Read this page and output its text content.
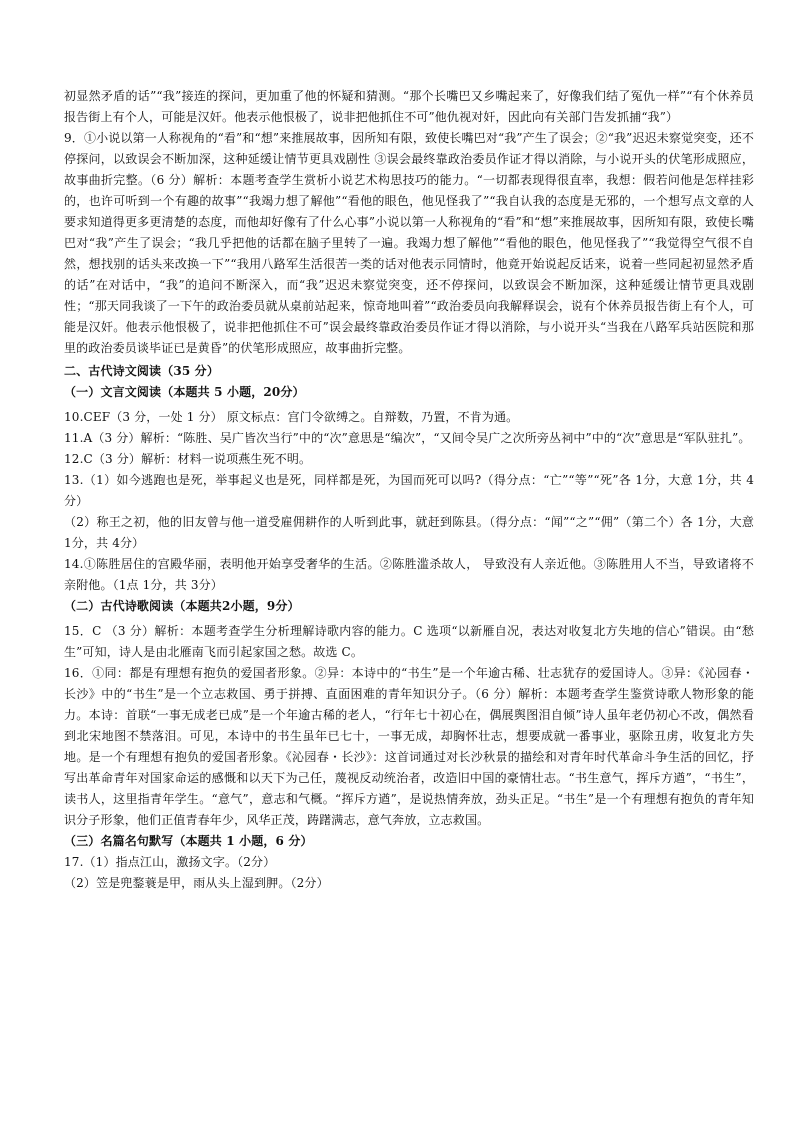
初显然矛盾的话”“我”接连的探问，更加重了他的怀疑和猜测。“那个长嘴巴又乡嘴起来了，好像我们结了冤仇一样”“有个休养员报告街上有个人，可能是汉奸。他表示他恨极了，说非把他抓住不可”他仇视对奸，因此向有关部门告发抓捕“我”）

9．①小说以第一人称视角的“看”和“想”来推展故事，因所知有限，致使长嘴巴对“我”产生了误会；②“我”迟迟未察觉突变，还不停探问，以致误会不断加深，这种延缓让情节更具戏剧性 ③误会最终靠政治委员作证才得以消除，与小说开头的伏笔形成照应，故事曲折完整。（6 分）解析：本题考查学生赏析小说艺术构思技巧的能力。“一切都表现得很直率，我想：假若问他是怎样挂彩的，也许可听到一个有趣的故事”“我竭力想了解他”“看他的眼色，他见怪我了”“我自认我的态度是无邪的，一个想写点文章的人要求知道得更多更清楚的态度，而他却好像有了什么心事”小说以第一人称视角的“看”和“想”来推展故事，因所知有限，致使长嘴巴对“我”产生了误会；“我几乎把他的话都在脑子里转了一遍。我竭力想了解他”“看他的眼色，他见怪我了”“我觉得空气很不自然，想找别的话头来改换一下”“我用八路军生活很苦一类的话对他表示同情时，他竟开始说起反话来，说着一些同起初显然矛盾的话”在对话中，“我”的追问不断深入，而“我”迟迟未察觉突变，还不停探问，以致误会不断加深，这种延缓让情节更具戏剧性；“那天同我谈了一下午的政治委员就从桌前站起来，惊奇地叫着”“政治委员向我解释误会，说有个休养员报告街上有个人，可能是汉奸。他表示他恨极了，说非把他抓住不可”误会最终靠政治委员作证才得以消除，与小说开头“当我在八路军兵站医院和那里的政治委员谈毕证已是黄昏”的伏笔形成照应，故事曲折完整。

二、古代诗文阅读（35 分）

（一）文言文阅读（本题共 5 小题，20分）

10.CEF（3 分，一处 1 分） 原文标点：宫门令欲缚之。自辩数，乃置，不肯为通。

11.A（3 分）解析：“陈胜、吴广皆次当行”中的“次”意思是“编次”，“又间令吴广之次所旁丛祠中”中的“次”意思是“军队驻扎”。

12.C（3 分）解析：材料一说项燕生死不明。

13.（1）如今逃跑也是死，举事起义也是死，同样都是死，为国而死可以吗?（得分点：“亡”“等”“死”各 1分，大意 1分，共 4分）

（2）称王之初，他的旧友曾与他一道受雇佣耕作的人听到此事，就赶到陈县。（得分点：“闻”“之”“佣”（第二个）各 1分，大意 1分，共 4分）

14.①陈胜居住的宫殿华丽，表明他开始享受奢华的生活。②陈胜滥杀故人， 导致没有人亲近他。③陈胜用人不当，导致诸将不亲附他。（1点 1分，共 3分）

（二）古代诗歌阅读（本题共2小题，9分）

15．C （3 分）解析：本题考查学生分析理解诗歌内容的能力。C 选项“以新雁自况，表达对收复北方失地的信心”错误。由“愁生”可知，诗人是由北雁南飞而引起家国之愁。故选 C。

16．①同：都是有理想有抱负的爱国者形象。②异：本诗中的“书生”是一个年逾古稀、壮志犹存的爱国诗人。③异：《沁园春・长沙》中的“书生”是一个立志救国、勇于拼搏、直面困难的青年知识分子。（6 分）解析：本题考查学生鉴赏诗歌人物形象的能力。本诗：首联“一事无成老已成”是一个年逾古稀的老人，“行年七十初心在，偶展舆图泪自倾”诗人虽年老仍初心不改，偶然看到北宋地图不禁落泪。可见，本诗中的书生虽年已七十，一事无成，却胸怀壮志，想要成就一番事业，驱除丑虏，收复北方失地。是一个有理想有抱负的爱国者形象。《沁园春・长沙》：这首词通过对长沙秋景的描绘和对青年时代革命斗争生活的回忆，抒写出革命青年对国家命运的感慨和以天下为己任，蔑视反动统治者，改造旧中国的豪情壮志。“书生意气，挥斥方遒”，“书生”，读书人，这里指青年学生。“意气”，意志和气概。“挥斥方遒”，是说热情奔放，劲头正足。“书生”是一个有理想有抱负的青年知识分子形象，他们正值青春年少，风华正茂，踌躇满志，意气奔放，立志救国。

（三）名篇名句默写（本题共 1 小题，6 分）

17.（1）指点江山，激扬文字。（2分）

（2）笠是兜鍪蓑是甲，雨从头上湿到胛。（2分）
